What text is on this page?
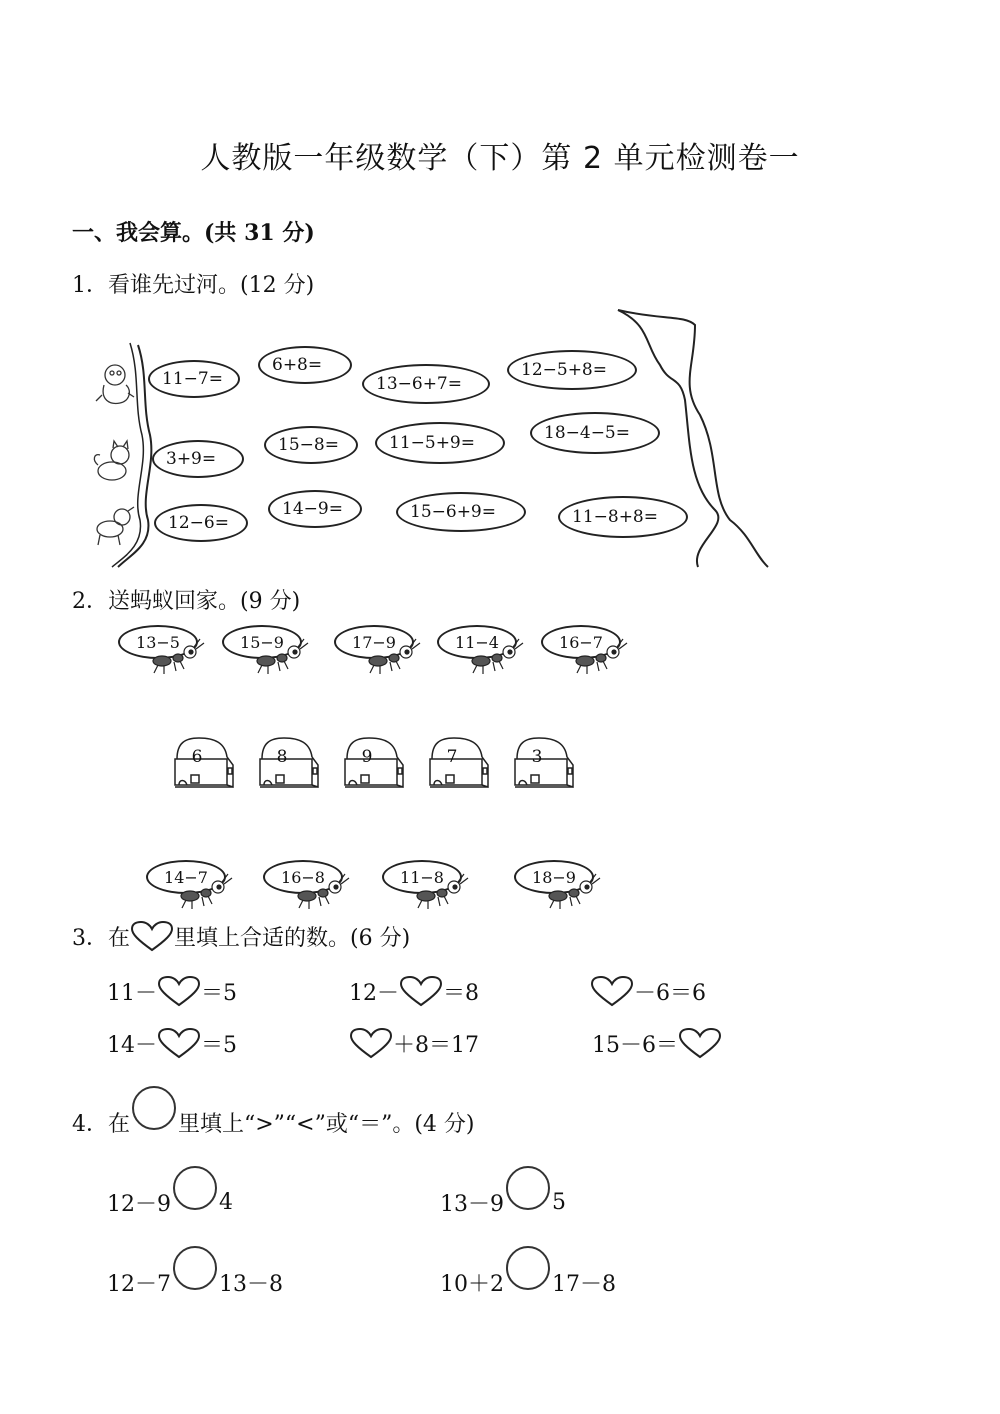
人教版一年级数学（下）第 2 单元检测卷一
一、我会算。(共 31 分)
1．看谁先过河。(12 分)
11−7=
6+8=
13−6+7=
12−5+8=
3+9=
15−8=	11−5+9=	18−4−5=
12−6=
14−9=	15−6+9=	11−8+8=
2．送蚂蚁回家。(9 分)
13−5	15−9	17−9	11−4	16−7
6	8	9	7	3
14−7	16−8	11−8	18−9
3．在 里填上合适的数。(6 分)
11－ ＝5	12－ ＝8	－6＝6
14－ ＝5	＋8＝17	15－6＝
4．在 里填上“>”“<”或“＝”。(4 分)
12－9 4	13－9 5
12－7 13－8	10＋2 17－8
